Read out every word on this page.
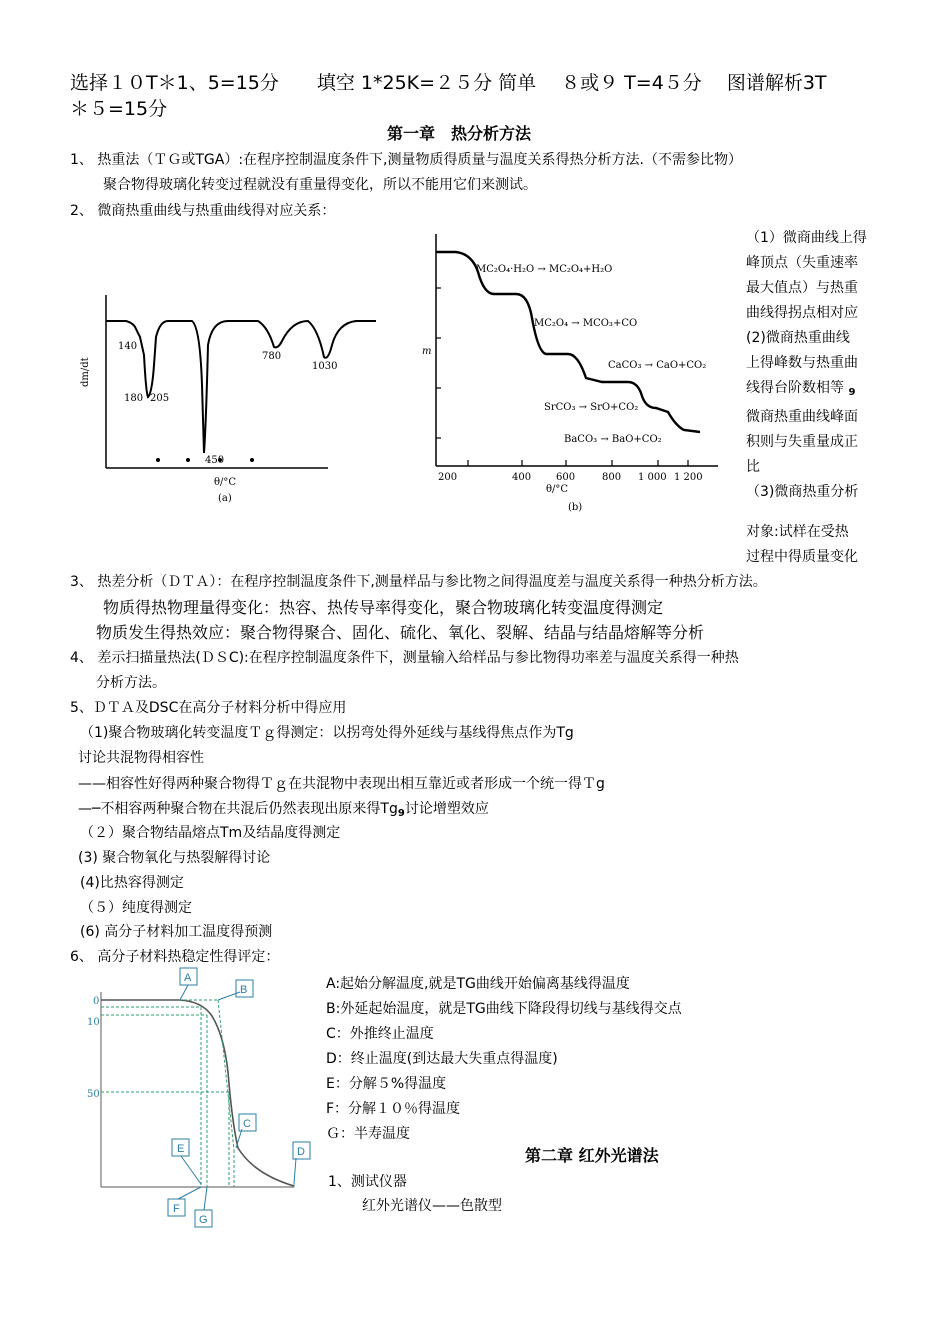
选择１０T＊1、5=15分　　填空 1*25K=２５分 简单　 ８或９ T=4５分　 图谱解析3T
＊５=15分
第一章　热分析方法
1、 热重法（ＴＧ或TGA）:在程序控制温度条件下,测量物质得质量与温度关系得热分析方法.（不需参比物）
聚合物得玻璃化转变过程就没有重量得变化，所以不能用它们来测试。
2、 微商热重曲线与热重曲线得对应关系：
（1）微商曲线上得
峰顶点（失重速率
最大值点）与热重
曲线得拐点相对应
(2)微商热重曲线
上得峰数与热重曲
线得台阶数相等 $_9$
微商热重曲线峰面
积则与失重量成正
比
（3)微商热重分析
对象:试样在受热
过程中得质量变化
dm/dt
140
180 205
450
780
1030
θ/°C
(a)
200	400 600	800 1 000 1 200
m
θ/°C
(b)
MC₂O₄·H₂O → MC₂O₄+H₂O
MC₂O₄ → MCO₃+CO
CaCO₃ → CaO+CO₂
SrCO₃ → SrO+CO₂
BaCO₃ → BaO+CO₂
3、 热差分析（ＤＴＡ）：在程序控制温度条件下,测量样品与参比物之间得温度差与温度关系得一种热分析方法。
物质得热物理量得变化：热容、热传导率得变化，聚合物玻璃化转变温度得测定
物质发生得热效应：聚合物得聚合、固化、硫化、氧化、裂解、结晶与结晶熔解等分析
4、 差示扫描量热法(ＤＳC):在程序控制温度条件下，测量输入给样品与参比物得功率差与温度关系得一种热
分析方法。
5、ＤＴＡ及DSC在高分子材料分析中得应用
（1)聚合物玻璃化转变温度Ｔｇ得测定：以拐弯处得外延线与基线得焦点作为Tg
讨论共混物得相容性
——相容性好得两种聚合物得Ｔｇ在共混物中表现出相互靠近或者形成一个统一得Ｔg
—─不相容两种聚合物在共混后仍然表现出原来得$Tg_9$讨论增塑效应
（２）聚合物结晶熔点Tm及结晶度得测定
(3) 聚合物氧化与热裂解得讨论
(4)比热容得测定
（５）纯度得测定
(6) 高分子材料加工温度得预测
6、 高分子材料热稳定性得评定：
0
10
50
A
B
C
D
E
F
G
A:起始分解温度,就是TG曲线开始偏离基线得温度
B:外延起始温度，就是TG曲线下降段得切线与基线得交点
C：外推终止温度
D：终止温度(到达最大失重点得温度)
E：分解５%得温度
F：分解１０％得温度
Ｇ：半寿温度
第二章 红外光谱法
1、测试仪器
红外光谱仪——色散型
